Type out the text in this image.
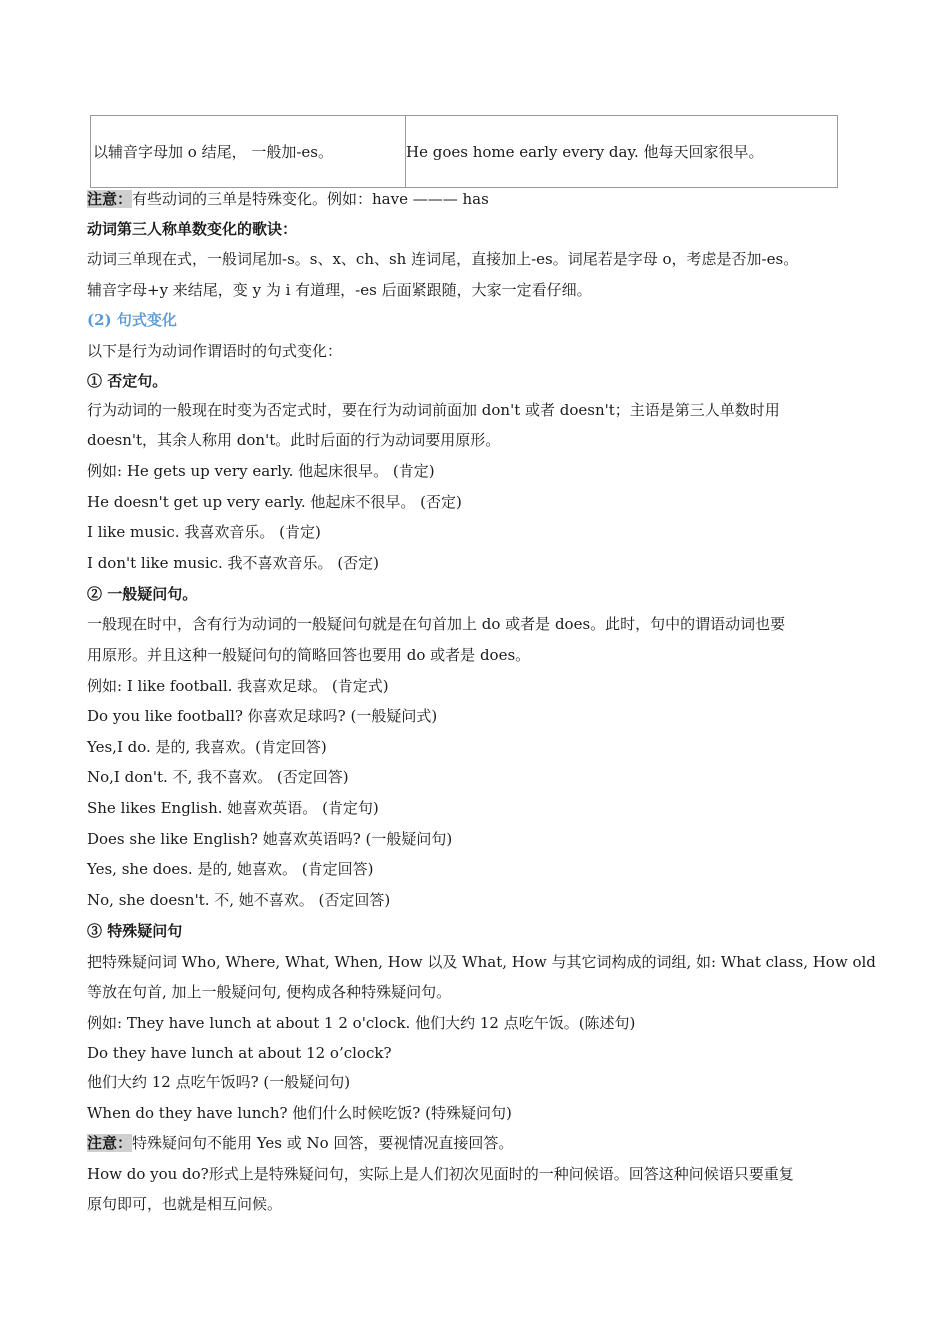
以辅音字母加 o 结尾， 一般加-es。	He goes home early every day. 他每天回家很早。
注意：有些动词的三单是特殊变化。例如：have ——— has
动词第三人称单数变化的歌诀：
动词三单现在式，一般词尾加-s。s、x、ch、sh 连词尾，直接加上-es。词尾若是字母 o，考虑是否加-es。
辅音字母+y 来结尾，变 y 为 i 有道理，-es 后面紧跟随，大家一定看仔细。
(2) 句式变化
以下是行为动词作谓语时的句式变化：
① 否定句。
行为动词的一般现在时变为否定式时，要在行为动词前面加 don't 或者 doesn't；主语是第三人单数时用
doesn't，其余人称用 don't。此时后面的行为动词要用原形。
例如: He gets up very early. 他起床很早。 (肯定)
He doesn't get up very early. 他起床不很早。 (否定)
I like music. 我喜欢音乐。 (肯定)
I don't like music. 我不喜欢音乐。 (否定)
② 一般疑问句。
一般现在时中，含有行为动词的一般疑问句就是在句首加上 do 或者是 does。此时，句中的谓语动词也要
用原形。并且这种一般疑问句的简略回答也要用 do 或者是 does。
例如: I like football. 我喜欢足球。 (肯定式)
Do you like football? 你喜欢足球吗? (一般疑问式)
Yes,I do. 是的, 我喜欢。(肯定回答)
No,I don't. 不, 我不喜欢。 (否定回答)
She likes English. 她喜欢英语。 (肯定句)
Does she like English? 她喜欢英语吗? (一般疑问句)
Yes, she does. 是的, 她喜欢。 (肯定回答)
No, she doesn't. 不, 她不喜欢。 (否定回答)
③ 特殊疑问句
把特殊疑问词 Who, Where, What, When, How 以及 What, How 与其它词构成的词组, 如: What class, How old
等放在句首, 加上一般疑问句, 便构成各种特殊疑问句。
例如: They have lunch at about 1 2 o'clock. 他们大约 12 点吃午饭。(陈述句)
Do they have lunch at about 12 o’clock?
他们大约 12 点吃午饭吗? (一般疑问句)
When do they have lunch? 他们什么时候吃饭? (特殊疑问句)
注意：特殊疑问句不能用 Yes 或 No 回答，要视情况直接回答。
How do you do?形式上是特殊疑问句，实际上是人们初次见面时的一种问候语。回答这种问候语只要重复
原句即可，也就是相互问候。
